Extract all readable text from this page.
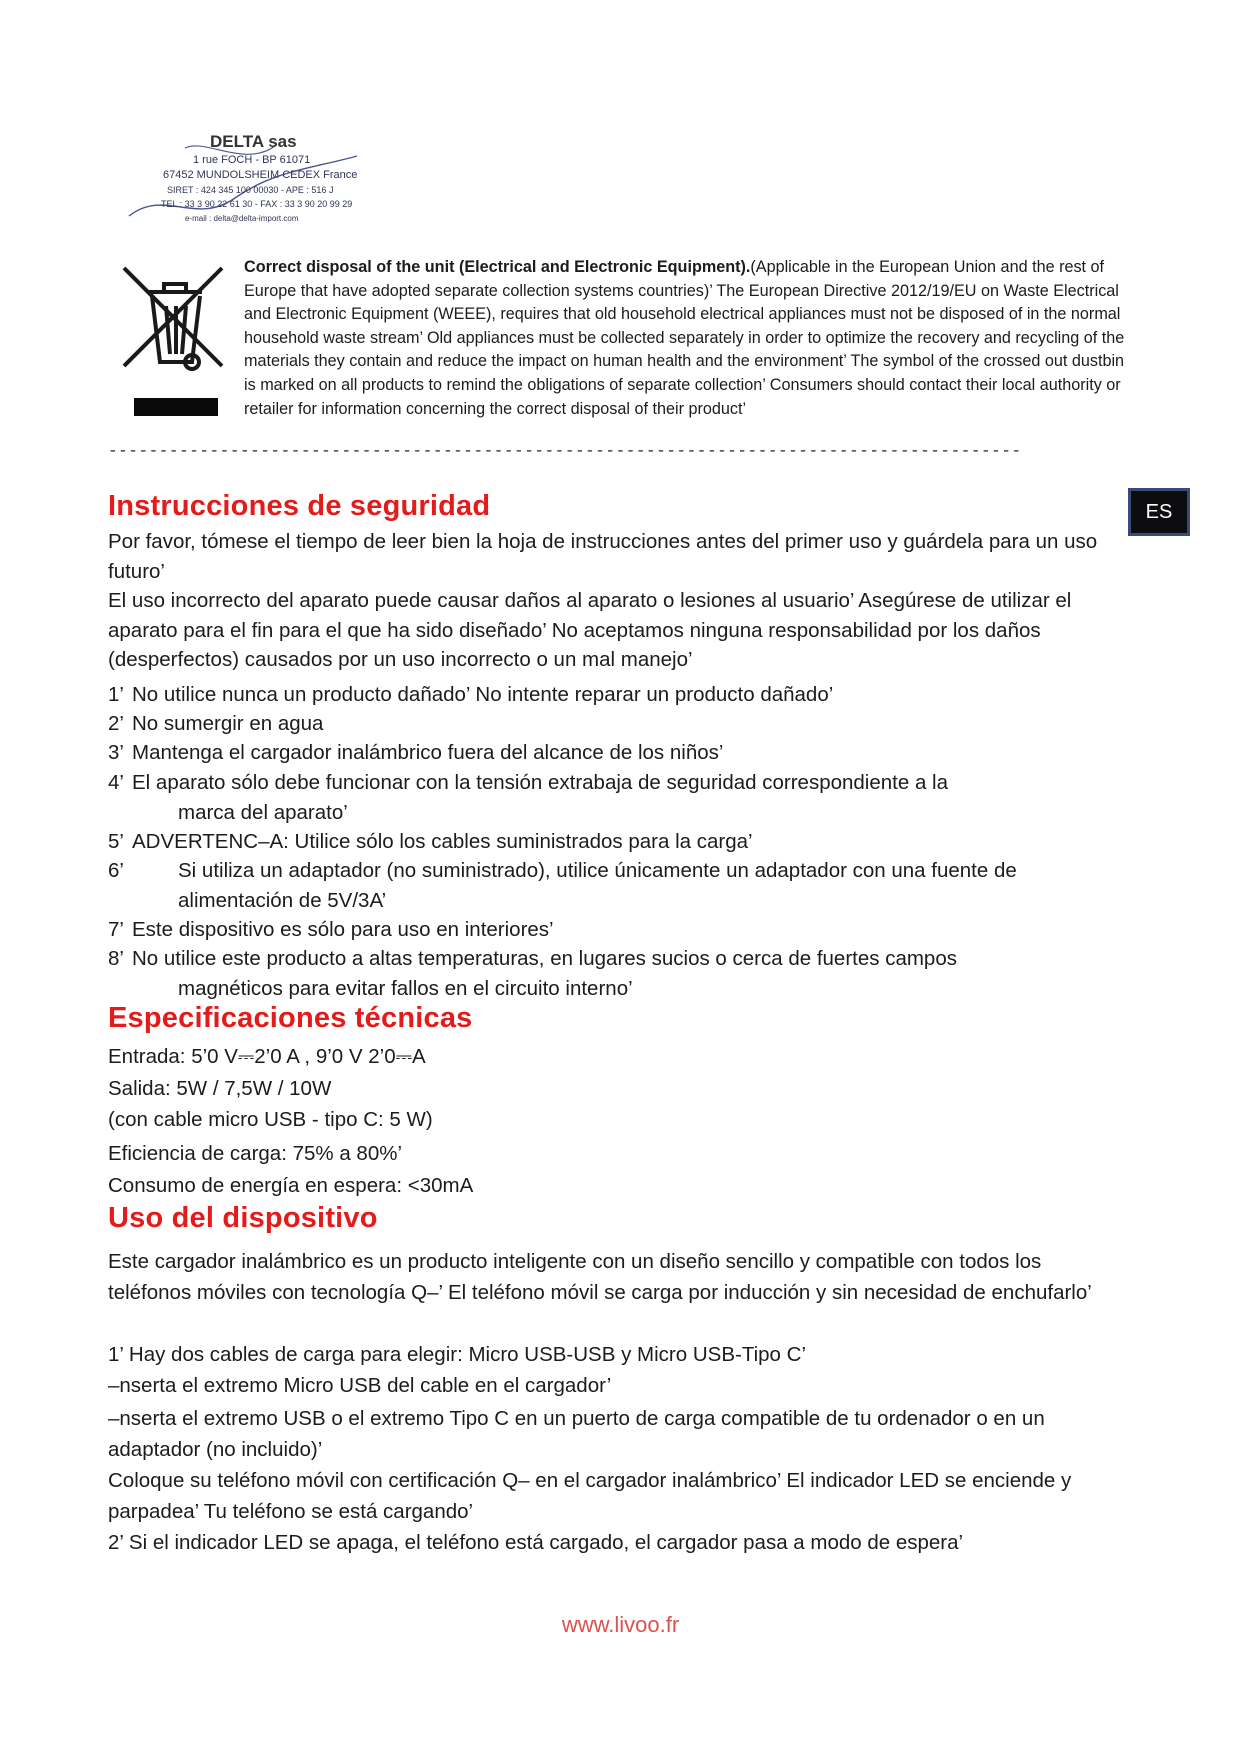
DELTA sas
1 rue FOCH - BP 61071
67452 MUNDOLSHEIM CEDEX France
SIRET : 424 345 100 00030 - APE : 516 J
TEL : 33 3 90 22 61 30 - FAX : 33 3 90 20 99 29
e-mail : delta@delta-import.com
Correct disposal of the unit (Electrical and Electronic Equipment).(Applicable in the European Union and the rest of Europe that have adopted separate collection systems countries)’ The European Directive 2012/19/EU on Waste Electrical and Electronic Equipment (WEEE), requires that old household electrical appliances must not be disposed of in the normal household waste stream’ Old appliances must be collected separately in order to optimize the recovery and recycling of the materials they contain and reduce the impact on human health and the environment’ The symbol of the crossed out dustbin is marked on all products to remind the obligations of separate collection’ Consumers should contact their local authority or retailer for information concerning the correct disposal of their product’
------------------------------------------------------------------------------------------
ES
Instrucciones de seguridad

Por favor, tómese el tiempo de leer bien la hoja de instrucciones antes del primer uso y guárdela para un uso futuro’

El uso incorrecto del aparato puede causar daños al aparato o lesiones al usuario’ Asegúrese de utilizar el aparato para el fin para el que ha sido diseñado’ No aceptamos ninguna responsabilidad por los daños (desperfectos) causados por un uso incorrecto o un mal manejo’

1’ No utilice nunca un producto dañado’ No intente reparar un producto dañado’
2’ No sumergir en agua
3’ Mantenga el cargador inalámbrico fuera del alcance de los niños’
4’ El aparato sólo debe funcionar con la tensión extrabaja de seguridad correspondiente a la
marca del aparato’
5’ ADVERTENC–A: Utilice sólo los cables suministrados para la carga’
6’	Si utiliza un adaptador (no suministrado), utilice únicamente un adaptador con una fuente de
alimentación de 5V/3A’
7’ Este dispositivo es sólo para uso en interiores’
8’ No utilice este producto a altas temperaturas, en lugares sucios o cerca de fuertes campos
magnéticos para evitar fallos en el circuito interno’
Especificaciones técnicas

Entrada: 5’0 V⎓2’0 A , 9’0 V 2’0⎓A

Salida: 5W / 7,5W / 10W

(con cable micro USB - tipo C: 5 W)

Eficiencia de carga: 75% a 80%’

Consumo de energía en espera: <30mA

Uso del dispositivo

Este cargador inalámbrico es un producto inteligente con un diseño sencillo y compatible con todos los teléfonos móviles con tecnología Q–’ El teléfono móvil se carga por inducción y sin necesidad de enchufarlo’

1’ Hay dos cables de carga para elegir: Micro USB-USB y Micro USB-Tipo C’

–nserta el extremo Micro USB del cable en el cargador’

–nserta el extremo USB o el extremo Tipo C en un puerto de carga compatible de tu ordenador o en un adaptador (no incluido)’

Coloque su teléfono móvil con certificación Q– en el cargador inalámbrico’ El indicador LED se enciende y parpadea’ Tu teléfono se está cargando’

2’ Si el indicador LED se apaga, el teléfono está cargado, el cargador pasa a modo de espera’

www.livoo.fr
